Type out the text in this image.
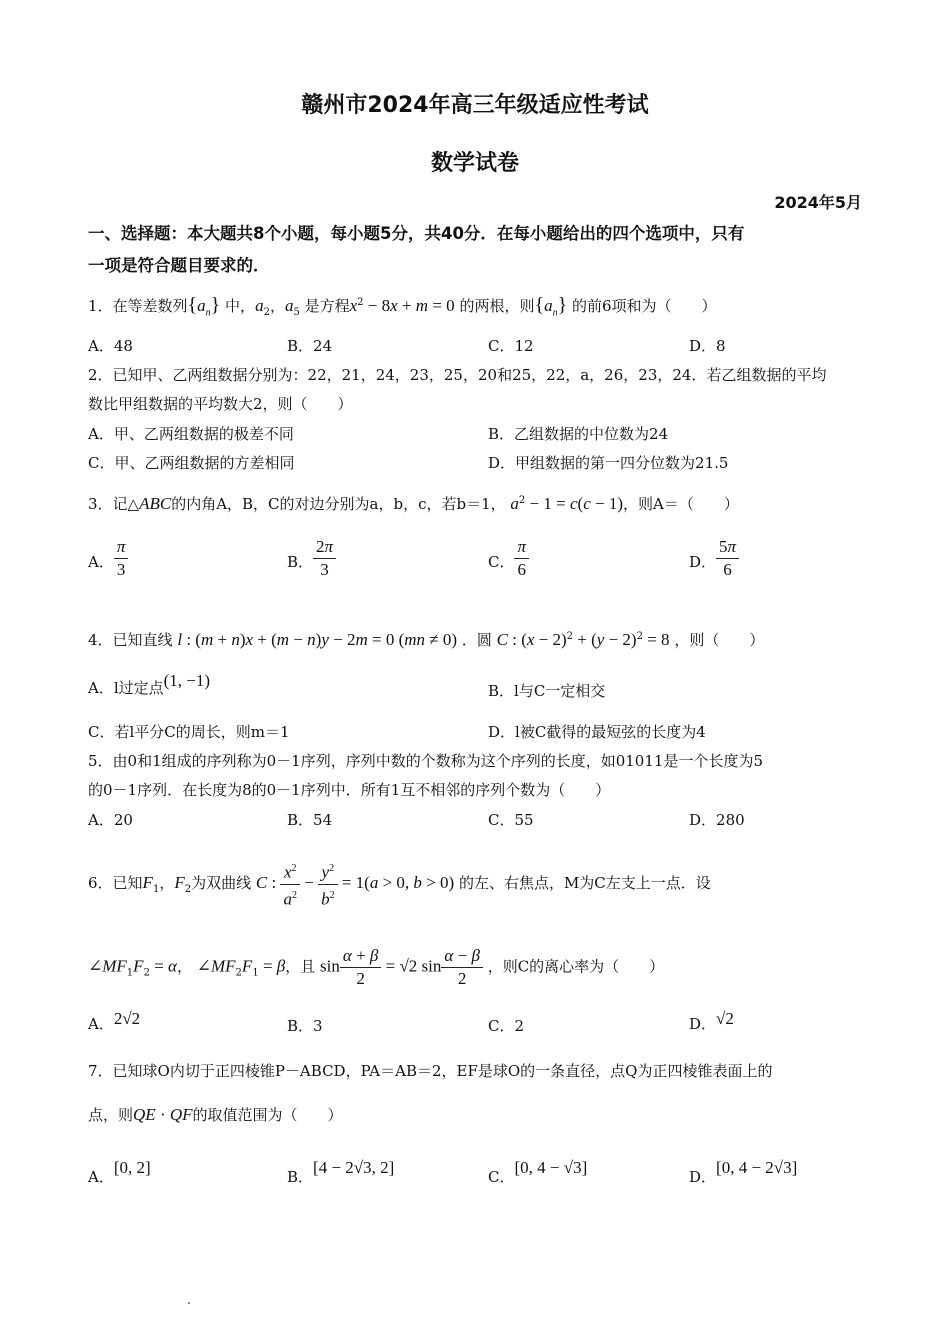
赣州市2024年高三年级适应性考试
数学试卷
2024年5月
一、选择题：本大题共8个小题，每小题5分，共40分．在每小题给出的四个选项中，只有
一项是符合题目要求的．
1．在等差数列$\{a_n\}$ 中，$a_2$，$a_5$ 是方程$x^2 - 8x + m = 0$ 的两根，则$\{a_n\}$ 的前6项和为（　　）
A．48	B．24	C．12	D．8
2．已知甲、乙两组数据分别为：22，21，24，23，25，20和25，22，a，26，23，24．若乙组数据的平均
数比甲组数据的平均数大2，则（　　）
A．甲、乙两组数据的极差不同	B．乙组数据的中位数为24
C．甲、乙两组数据的方差相同	D．甲组数据的第一四分位数为21.5
3．记△ABC的内角A，B，C的对边分别为a，b，c，若b＝1， $a^2 - 1 = c(c - 1)$，则A＝（　　）
A． $\frac{\pi}{3}$	B． $\frac{2\pi}{3}$	C． $\frac{\pi}{6}$	D． $\frac{5\pi}{6}$
4．已知直线 l : (m + n)x + (m − n)y − 2m = 0 (mn ≠ 0) ．圆 C : $(x - 2)^2 + (y - 2)^2 = 8$ ，则（　　）
A．l过定点(1, −1)
B．l与C一定相交
C．若l平分C的周长，则m＝1	D．l被C截得的最短弦的长度为4
5．由0和1组成的序列称为0－1序列，序列中数的个数称为这个序列的长度，如01011是一个长度为5
的0－1序列．在长度为8的0－1序列中．所有1互不相邻的序列个数为（　　）
A．20	B．54	C．55	D．280
6．已知$F_1$，$F_2$为双曲线 C : $\frac{x^2}{a^2} - \frac{y^2}{b^2} = 1(a > 0$, b > 0) 的左、右焦点，M为C左支上一点．设
$\angle MF_1F_2 = \alpha$， $\angle MF_2F_1 = \beta$，且 $\sin \frac{\alpha + \beta}{2} = √2$ $\sin \frac{\alpha - \beta}{2}$ ，则C的离心率为（　　）
A．2√2	B．3	C．2	D．√2
7．已知球O内切于正四棱锥P－ABCD，PA＝AB＝2，EF是球O的一条直径，点Q为正四棱锥表面上的
点，则QE · QF的取值范围为（　　）
A．[0, 2]	B．[4 − 2√3, 2]	C．[0, 4 − √3]	D．[0, 4 − 2√3]
